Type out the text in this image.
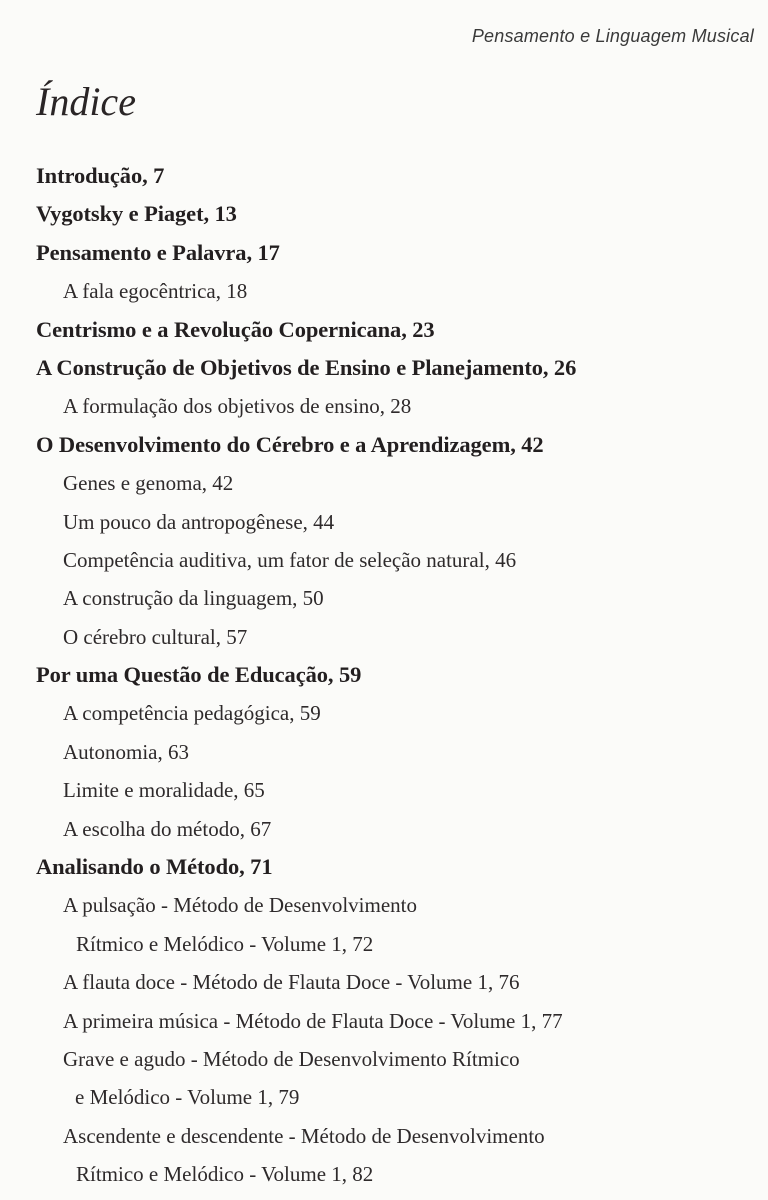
Pensamento e Linguagem Musical
Índice
Introdução, 7
Vygotsky e Piaget, 13
Pensamento e Palavra, 17
A fala egocêntrica, 18
Centrismo e a Revolução Copernicana, 23
A Construção de Objetivos de Ensino e Planejamento, 26
A formulação dos objetivos de ensino, 28
O Desenvolvimento do Cérebro e a Aprendizagem, 42
Genes e genoma, 42
Um pouco da antropogênese, 44
Competência auditiva, um fator de seleção natural, 46
A construção da linguagem, 50
O cérebro cultural, 57
Por uma Questão de Educação, 59
A competência pedagógica, 59
Autonomia, 63
Limite e moralidade, 65
A escolha do método, 67
Analisando o Método, 71
A pulsação - Método de Desenvolvimento
Rítmico e Melódico - Volume 1, 72
A flauta doce - Método de Flauta Doce - Volume 1, 76
A primeira música - Método de Flauta Doce - Volume 1, 77
Grave e agudo - Método de Desenvolvimento Rítmico
e Melódico - Volume 1, 79
Ascendente e descendente - Método de Desenvolvimento
Rítmico e Melódico - Volume 1, 82
